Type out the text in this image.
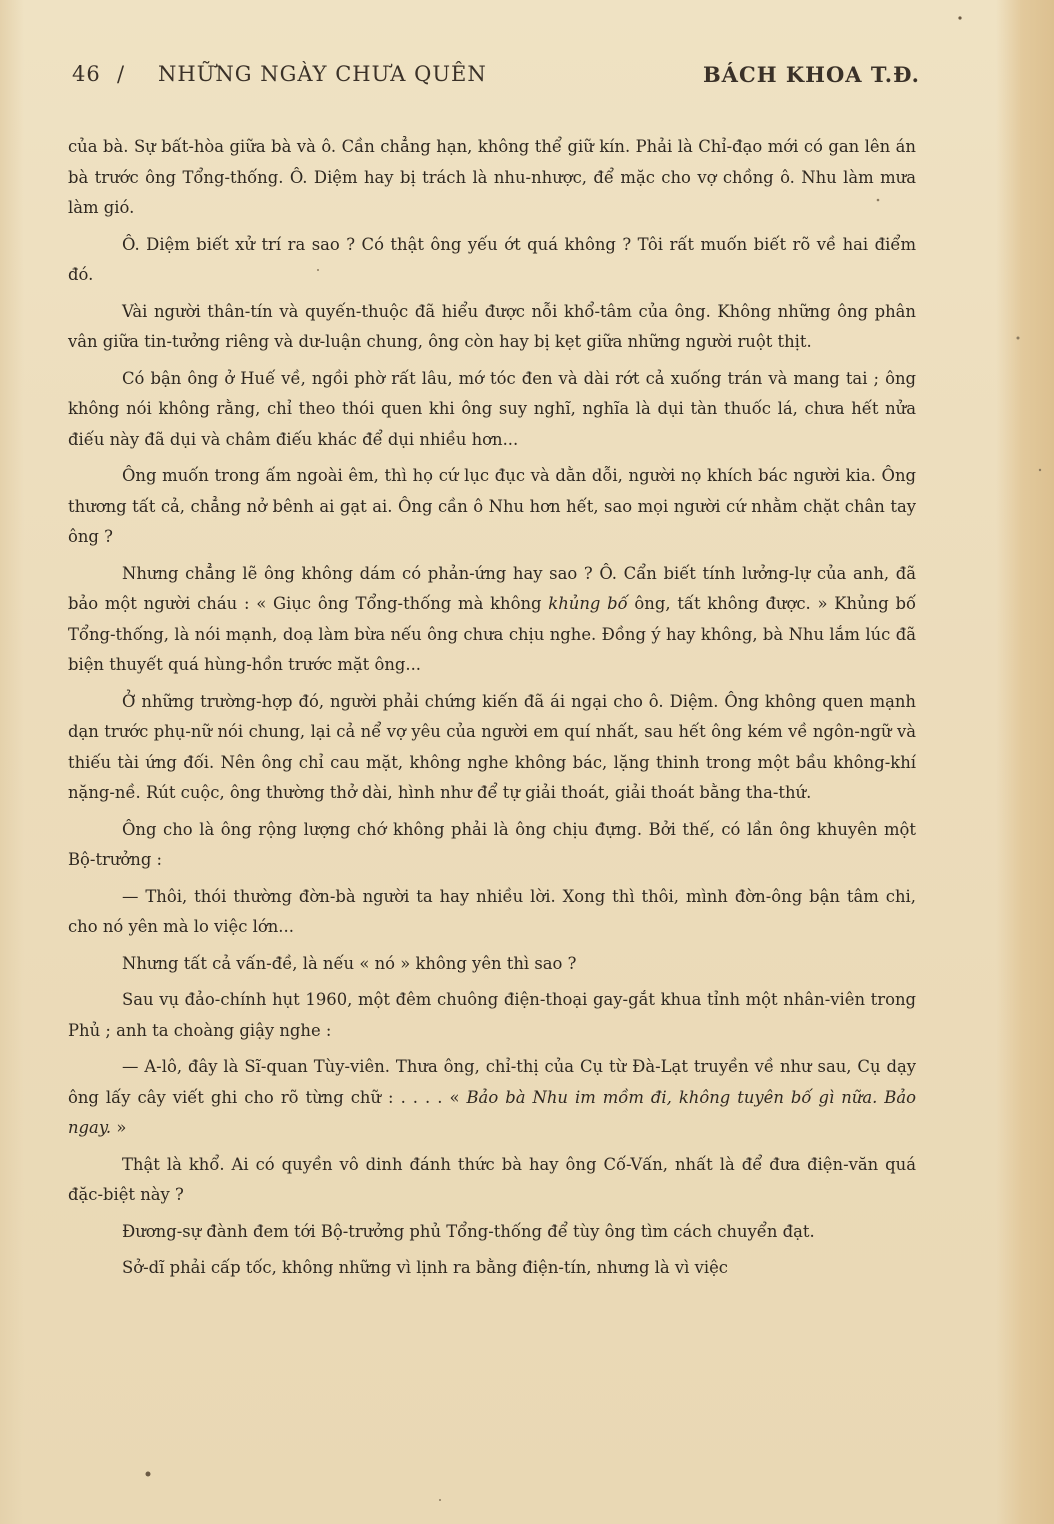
46 / NHỮNG NGÀY CHƯA QUÊN	BÁCH KHOA T.Đ.

của bà. Sự bất-hòa giữa bà và ô. Cần chẳng hạn, không thể giữ kín. Phải là Chỉ-đạo mới có gan lên án bà trước ông Tổng-thống. Ô. Diệm hay bị trách là nhu-nhược, để mặc cho vợ chồng ô. Nhu làm mưa làm gió.

Ô. Diệm biết xử trí ra sao ? Có thật ông yếu ớt quá không ? Tôi rất muốn biết rõ về hai điểm đó.

Vài người thân-tín và quyến-thuộc đã hiểu được nỗi khổ-tâm của ông. Không những ông phân vân giữa tin-tưởng riêng và dư-luận chung, ông còn hay bị kẹt giữa những người ruột thịt.

Có bận ông ở Huế về, ngồi phờ rất lâu, mớ tóc đen và dài rớt cả xuống trán và mang tai ; ông không nói không rằng, chỉ theo thói quen khi ông suy nghĩ, nghĩa là dụi tàn thuốc lá, chưa hết nửa điếu này đã dụi và châm điếu khác để dụi nhiều hơn...

Ông muốn trong ấm ngoài êm, thì họ cứ lục đục và dằn dỗi, người nọ khích bác người kia. Ông thương tất cả, chẳng nở bênh ai gạt ai. Ông cần ô Nhu hơn hết, sao mọi người cứ nhằm chặt chân tay ông ?

Nhưng chẳng lẽ ông không dám có phản-ứng hay sao ? Ô. Cẩn biết tính lưởng-lự của anh, đã bảo một người cháu : « Giục ông Tổng-thống mà không khủng bố ông, tất không được. » Khủng bố Tổng-thống, là nói mạnh, doạ làm bừa nếu ông chưa chịu nghe. Đồng ý hay không, bà Nhu lắm lúc đã biện thuyết quá hùng-hồn trước mặt ông...

Ở những trường-hợp đó, người phải chứng kiến đã ái ngại cho ô. Diệm. Ông không quen mạnh dạn trước phụ-nữ nói chung, lại cả nể vợ yêu của người em quí nhất, sau hết ông kém về ngôn-ngữ và thiếu tài ứng đối. Nên ông chỉ cau mặt, không nghe không bác, lặng thinh trong một bầu không-khí nặng-nề. Rút cuộc, ông thường thở dài, hình như để tự giải thoát, giải thoát bằng tha-thứ.

Ông cho là ông rộng lượng chớ không phải là ông chịu đựng. Bởi thế, có lần ông khuyên một Bộ-trưởng :

— Thôi, thói thường đờn-bà người ta hay nhiều lời. Xong thì thôi, mình đờn-ông bận tâm chi, cho nó yên mà lo việc lớn...

Nhưng tất cả vấn-đề, là nếu « nó » không yên thì sao ?

Sau vụ đảo-chính hụt 1960, một đêm chuông điện-thoại gay-gắt khua tỉnh một nhân-viên trong Phủ ; anh ta choàng giậy nghe :

— A-lô, đây là Sĩ-quan Tùy-viên. Thưa ông, chỉ-thị của Cụ từ Đà-Lạt truyền về như sau, Cụ dạy ông lấy cây viết ghi cho rõ từng chữ : . . . . « Bảo bà Nhu im mồm đi, không tuyên bố gì nữa. Bảo ngay. »

Thật là khổ. Ai có quyền vô dinh đánh thức bà hay ông Cố-Vấn, nhất là để đưa điện-văn quá đặc-biệt này ?

Đương-sự đành đem tới Bộ-trưởng phủ Tổng-thống để tùy ông tìm cách chuyển đạt.

Sở-dĩ phải cấp tốc, không những vì lịnh ra bằng điện-tín, nhưng là vì việc
